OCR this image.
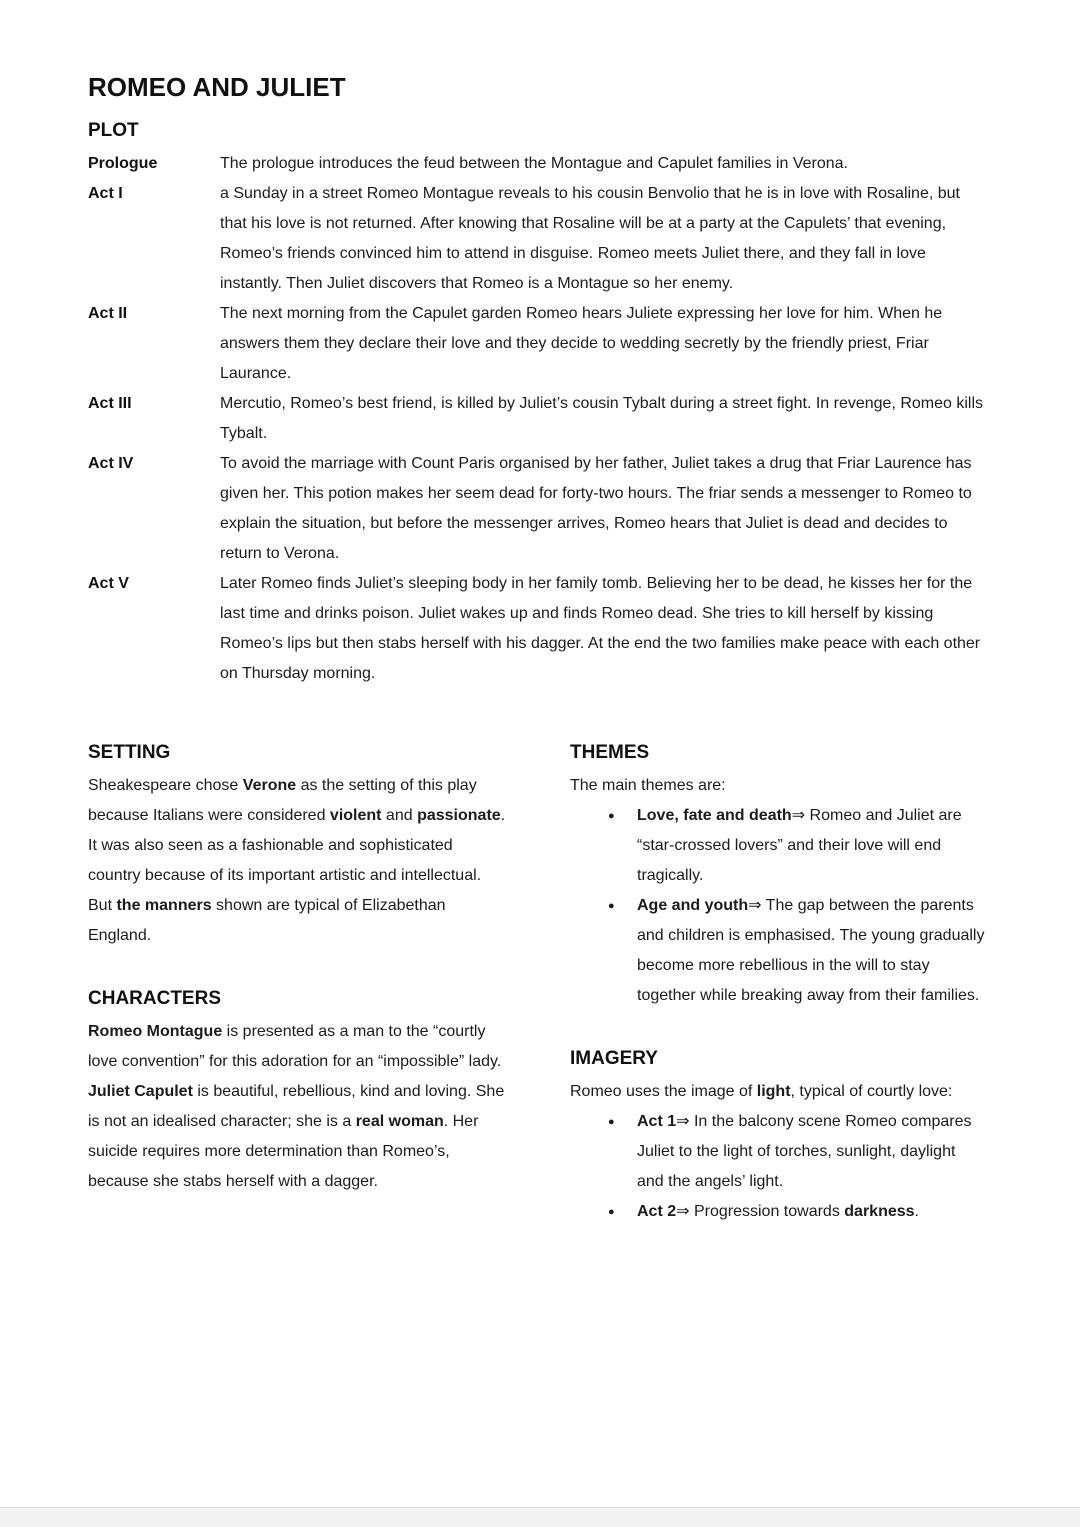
ROMEO AND JULIET
PLOT
Prologue	The prologue introduces the feud between the Montague and Capulet families in Verona.
Act I	a Sunday in a street Romeo Montague reveals to his cousin Benvolio that he is in love with Rosaline, but that his love is not returned. After knowing that Rosaline will be at a party at the Capulets’ that evening, Romeo’s friends convinced him to attend in disguise. Romeo meets Juliet there, and they fall in love instantly. Then Juliet discovers that Romeo is a Montague so her enemy.
Act II	The next morning from the Capulet garden Romeo hears Juliete expressing her love for him. When he answers them they declare their love and they decide to wedding secretly by the friendly priest, Friar Laurance.
Act III	Mercutio, Romeo’s best friend, is killed by Juliet’s cousin Tybalt during a street fight. In revenge, Romeo kills Tybalt.
Act IV	To avoid the marriage with Count Paris organised by her father, Juliet takes a drug that Friar Laurence has given her. This potion makes her seem dead for forty-two hours. The friar sends a messenger to Romeo to explain the situation, but before the messenger arrives, Romeo hears that Juliet is dead and decides to return to Verona.
Act V	Later Romeo finds Juliet’s sleeping body in her family tomb. Believing her to be dead, he kisses her for the last time and drinks poison. Juliet wakes up and finds Romeo dead. She tries to kill herself by kissing Romeo’s lips but then stabs herself with his dagger. At the end the two families make peace with each other on Thursday morning.
SETTING

Sheakespeare chose Verone as the setting of this play because Italians were considered violent and passionate. It was also seen as a fashionable and sophisticated country because of its important artistic and intellectual. But the manners shown are typical of Elizabethan England.

CHARACTERS

Romeo Montague is presented as a man to the “courtly love convention” for this adoration for an “impossible” lady.

Juliet Capulet is beautiful, rebellious, kind and loving. She is not an idealised character; she is a real woman. Her suicide requires more determination than Romeo’s, because she stabs herself with a dagger.

THEMES

The main themes are:

●	Love, fate and death⇒ Romeo and Juliet are “star-crossed lovers” and their love will end tragically.
●	Age and youth⇒ The gap between the parents and children is emphasised. The young gradually become more rebellious in the will to stay together while breaking away from their families.
IMAGERY

Romeo uses the image of light, typical of courtly love:

●	Act 1⇒ In the balcony scene Romeo compares Juliet to the light of torches, sunlight, daylight and the angels’ light.
●	Act 2⇒ Progression towards darkness.
